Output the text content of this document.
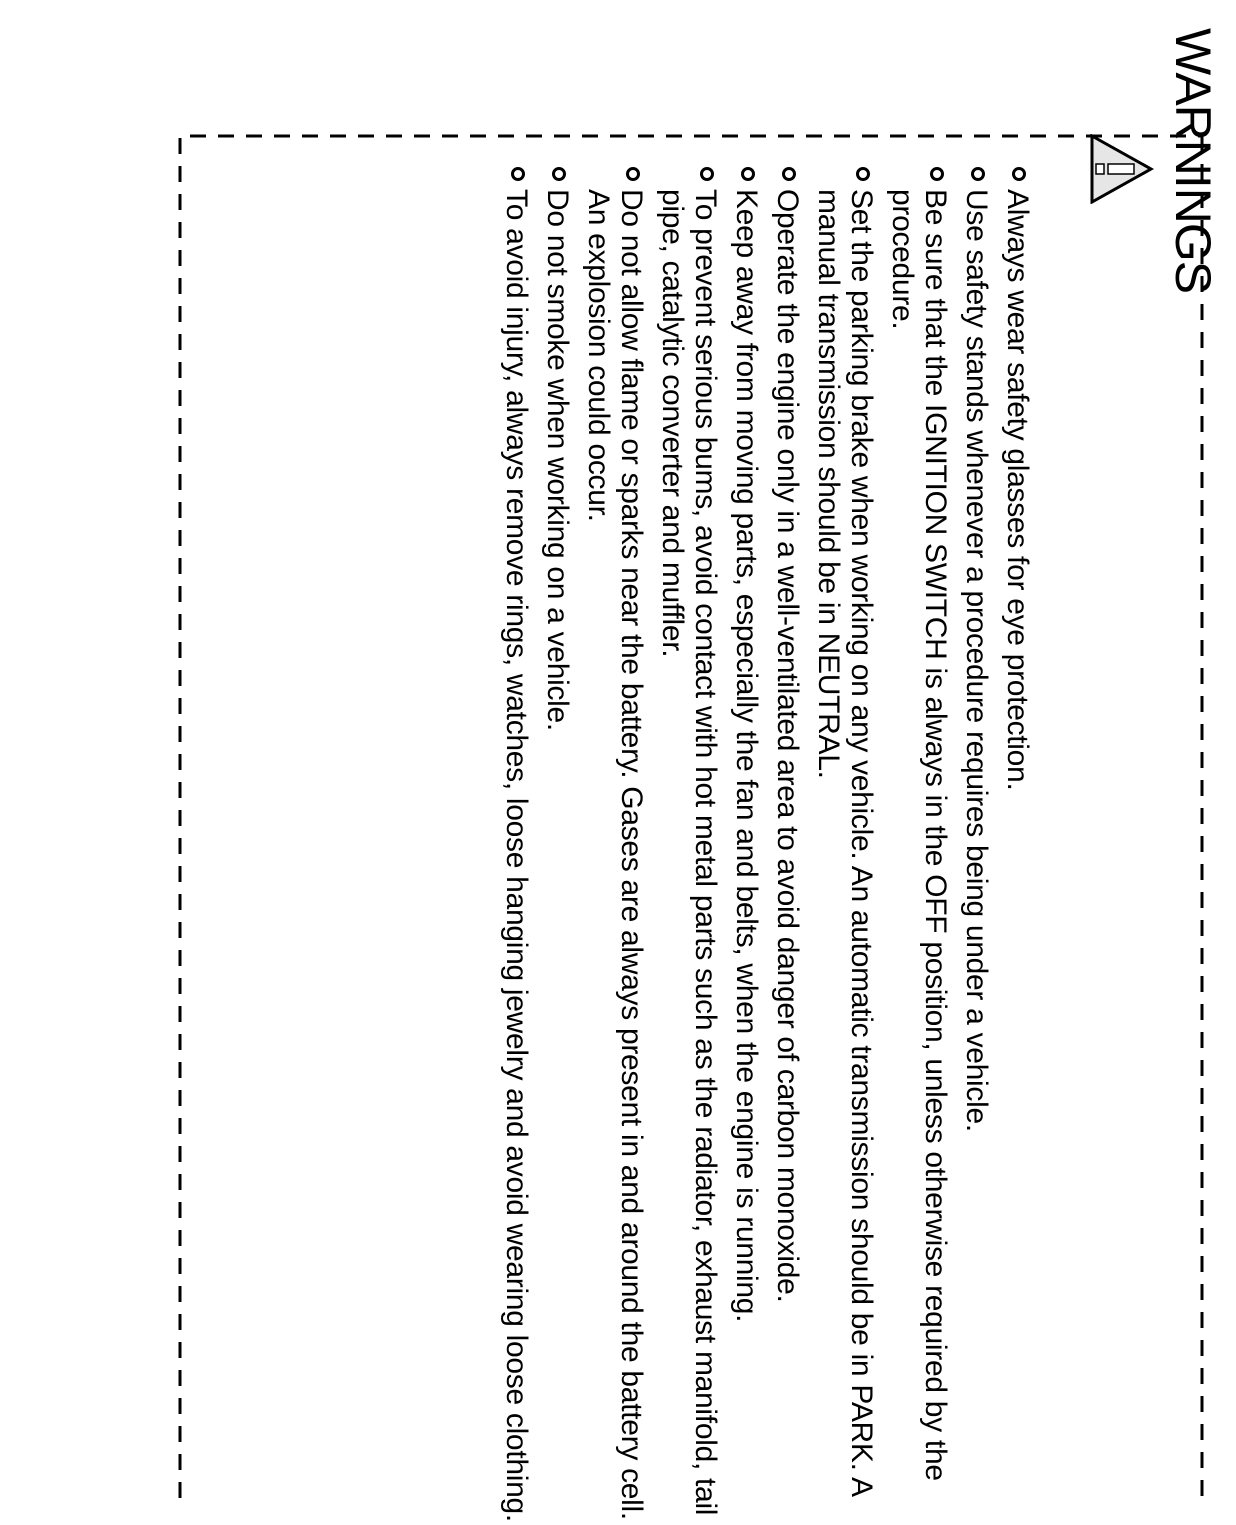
WARNINGS
Always wear safety glasses for eye protection.
Use safety stands whenever a procedure requires being under a vehicle.
Be sure that the IGNITION SWITCH is always in the OFF position, unless otherwise required by the procedure.
Set the parking brake when working on any vehicle. An automatic transmission should be in PARK. A manual transmission should be in NEUTRAL.
Operate the engine only in a well-ventilated area to avoid danger of carbon monoxide.
Keep away from moving parts, especially the fan and belts, when the engine is running.
To prevent serious bums, avoid contact with hot metal parts such as the radiator, exhaust manifold, tail pipe, catalytic converter and muffler.
Do not allow flame or sparks near the battery. Gases are always present in and around the battery cell. An explosion could occur.
Do not smoke when working on a vehicle.
To avoid injury, always remove rings, watches, loose hanging jewelry and avoid wearing loose clothing.
